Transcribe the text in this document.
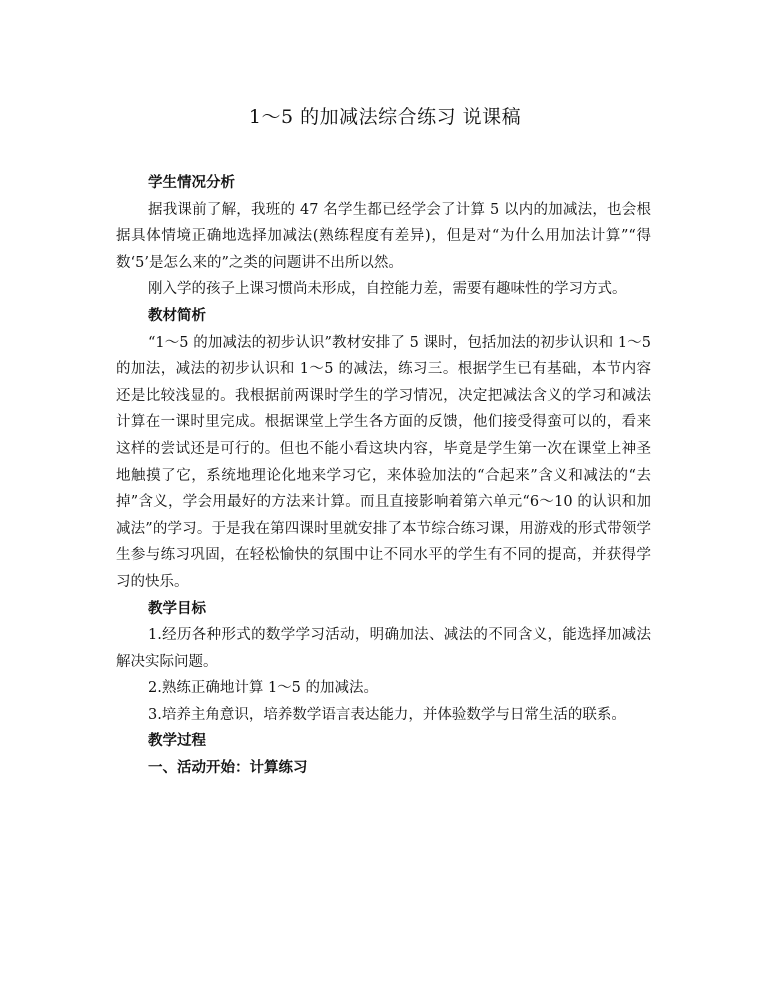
1～5 的加减法综合练习 说课稿

学生情况分析

据我课前了解，我班的 47 名学生都已经学会了计算 5 以内的加减法，也会根据具体情境正确地选择加减法(熟练程度有差异)，但是对“为什么用加法计算”“得数‘5’是怎么来的”之类的问题讲不出所以然。

刚入学的孩子上课习惯尚未形成，自控能力差，需要有趣味性的学习方式。

教材简析

“1～5 的加减法的初步认识”教材安排了 5 课时，包括加法的初步认识和 1～5 的加法，减法的初步认识和 1～5 的减法，练习三。根据学生已有基础，本节内容还是比较浅显的。我根据前两课时学生的学习情况，决定把减法含义的学习和减法计算在一课时里完成。根据课堂上学生各方面的反馈，他们接受得蛮可以的，看来这样的尝试还是可行的。但也不能小看这块内容，毕竟是学生第一次在课堂上神圣地触摸了它，系统地理论化地来学习它，来体验加法的“合起来”含义和减法的“去掉”含义，学会用最好的方法来计算。而且直接影响着第六单元“6～10 的认识和加减法”的学习。于是我在第四课时里就安排了本节综合练习课，用游戏的形式带领学生参与练习巩固，在轻松愉快的氛围中让不同水平的学生有不同的提高，并获得学习的快乐。

教学目标

1.经历各种形式的数学学习活动，明确加法、减法的不同含义，能选择加减法解决实际问题。

2.熟练正确地计算 1～5 的加减法。

3.培养主角意识，培养数学语言表达能力，并体验数学与日常生活的联系。

教学过程

一、活动开始：计算练习
